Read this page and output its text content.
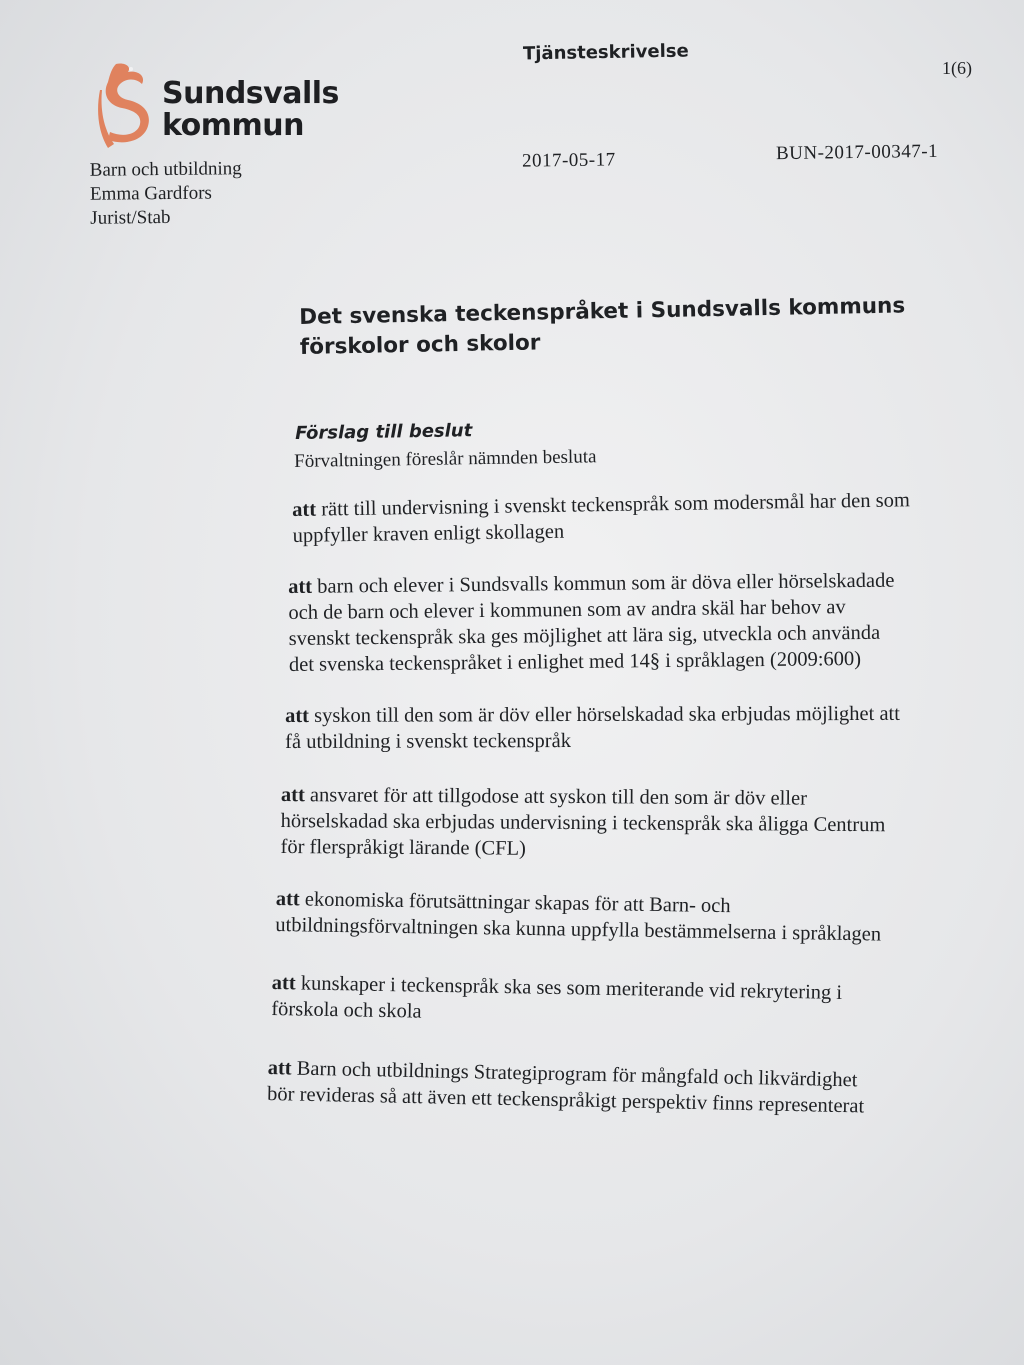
Sundsvalls
kommun
Barn och utbildning
Emma Gardfors
Jurist/Stab
Tjänsteskrivelse
1(6)
2017-05-17	BUN-2017-00347-1
Det svenska teckenspråket i Sundsvalls kommuns
förskolor och skolor
Förslag till beslut
Förvaltningen föreslår nämnden besluta
att rätt till undervisning i svenskt teckenspråk som modersmål har den som
uppfyller kraven enligt skollagen
att barn och elever i Sundsvalls kommun som är döva eller hörselskadade
och de barn och elever i kommunen som av andra skäl har behov av
svenskt teckenspråk ska ges möjlighet att lära sig, utveckla och använda
det svenska teckenspråket i enlighet med 14§ i språklagen (2009:600)
att syskon till den som är döv eller hörselskadad ska erbjudas möjlighet att
få utbildning i svenskt teckenspråk
att ansvaret för att tillgodose att syskon till den som är döv eller
hörselskadad ska erbjudas undervisning i teckenspråk ska åligga Centrum
för flerspråkigt lärande (CFL)
att ekonomiska förutsättningar skapas för att Barn- och
utbildningsförvaltningen ska kunna uppfylla bestämmelserna i språklagen
att kunskaper i teckenspråk ska ses som meriterande vid rekrytering i
förskola och skola
att Barn och utbildnings Strategiprogram för mångfald och likvärdighet
bör revideras så att även ett teckenspråkigt perspektiv finns representerat
